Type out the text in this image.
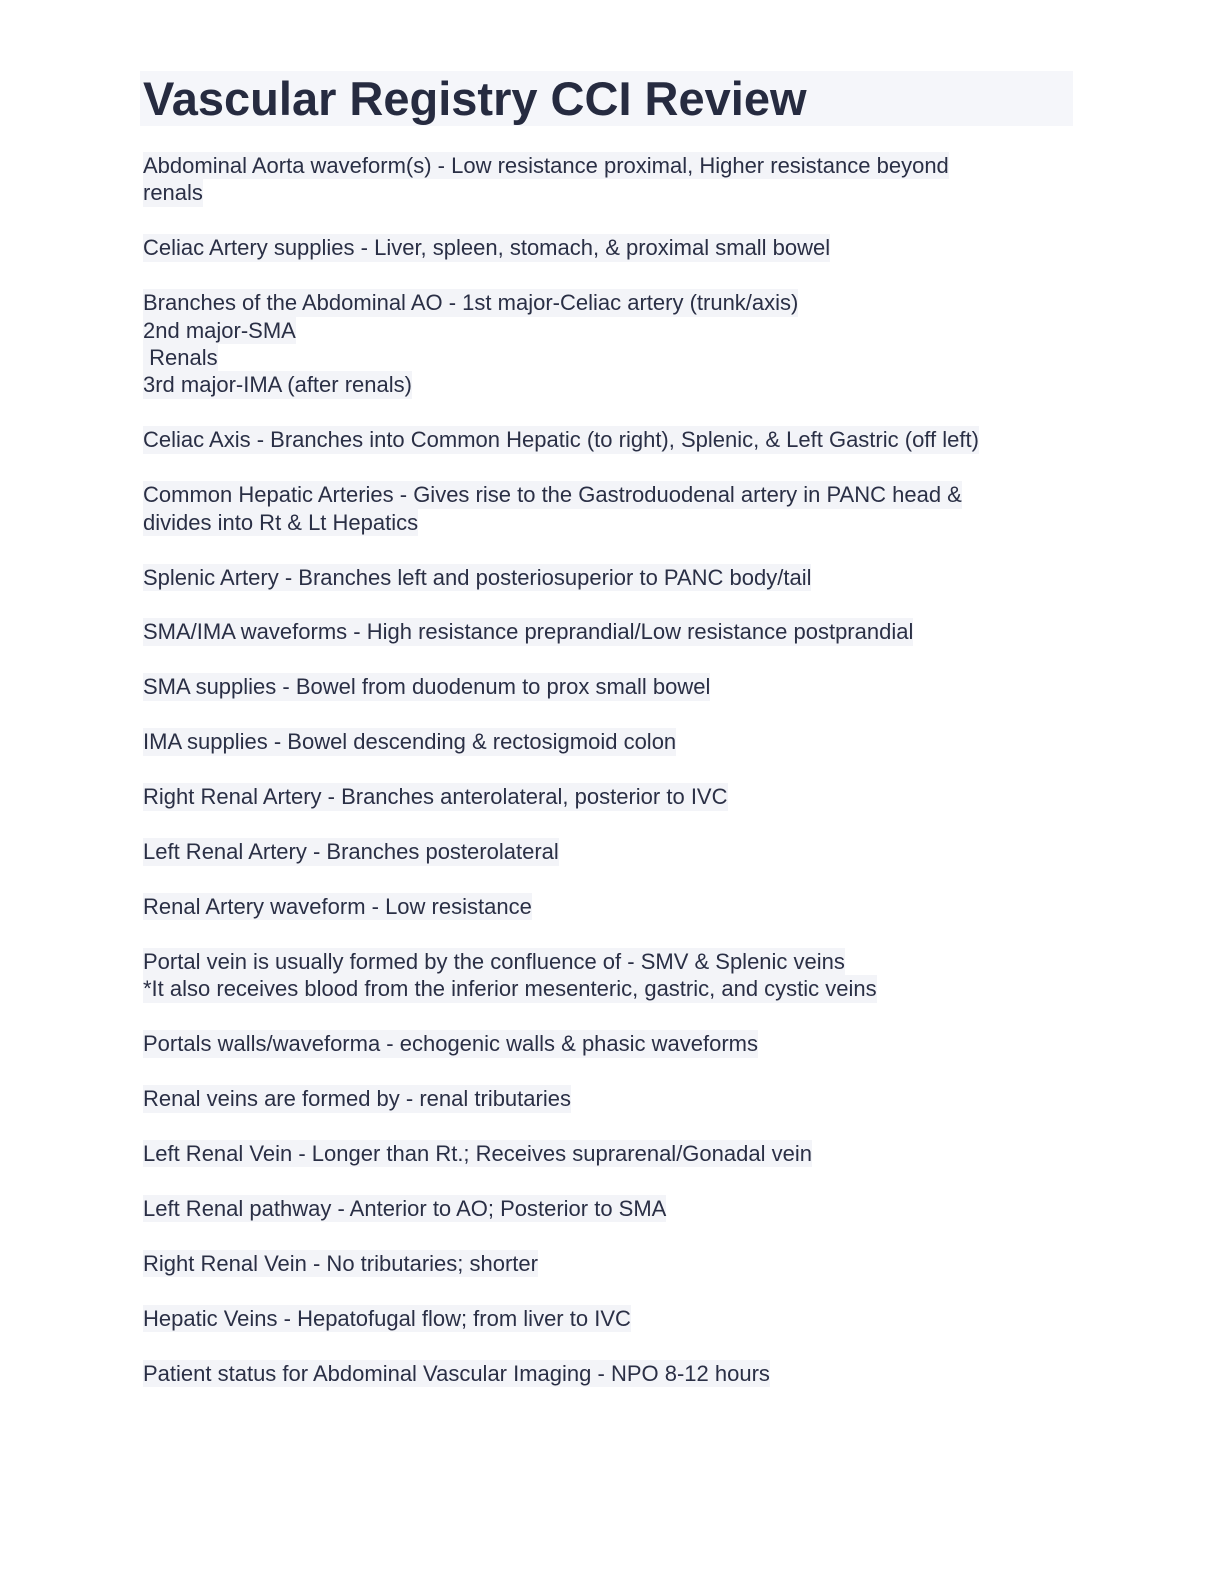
Vascular Registry CCI Review
Abdominal Aorta waveform(s) - Low resistance proximal, Higher resistance beyond
renals
Celiac Artery supplies - Liver, spleen, stomach, & proximal small bowel
Branches of the Abdominal AO - 1st major-Celiac artery (trunk/axis)
2nd major-SMA
Renals
3rd major-IMA (after renals)
Celiac Axis - Branches into Common Hepatic (to right), Splenic, & Left Gastric (off left)
Common Hepatic Arteries - Gives rise to the Gastroduodenal artery in PANC head &
divides into Rt & Lt Hepatics
Splenic Artery - Branches left and posteriosuperior to PANC body/tail
SMA/IMA waveforms - High resistance preprandial/Low resistance postprandial
SMA supplies - Bowel from duodenum to prox small bowel
IMA supplies - Bowel descending & rectosigmoid colon
Right Renal Artery - Branches anterolateral, posterior to IVC
Left Renal Artery - Branches posterolateral
Renal Artery waveform - Low resistance
Portal vein is usually formed by the confluence of - SMV & Splenic veins
*It also receives blood from the inferior mesenteric, gastric, and cystic veins
Portals walls/waveforma - echogenic walls & phasic waveforms
Renal veins are formed by - renal tributaries
Left Renal Vein - Longer than Rt.; Receives suprarenal/Gonadal vein
Left Renal pathway - Anterior to AO; Posterior to SMA
Right Renal Vein - No tributaries; shorter
Hepatic Veins - Hepatofugal flow; from liver to IVC
Patient status for Abdominal Vascular Imaging - NPO 8-12 hours
